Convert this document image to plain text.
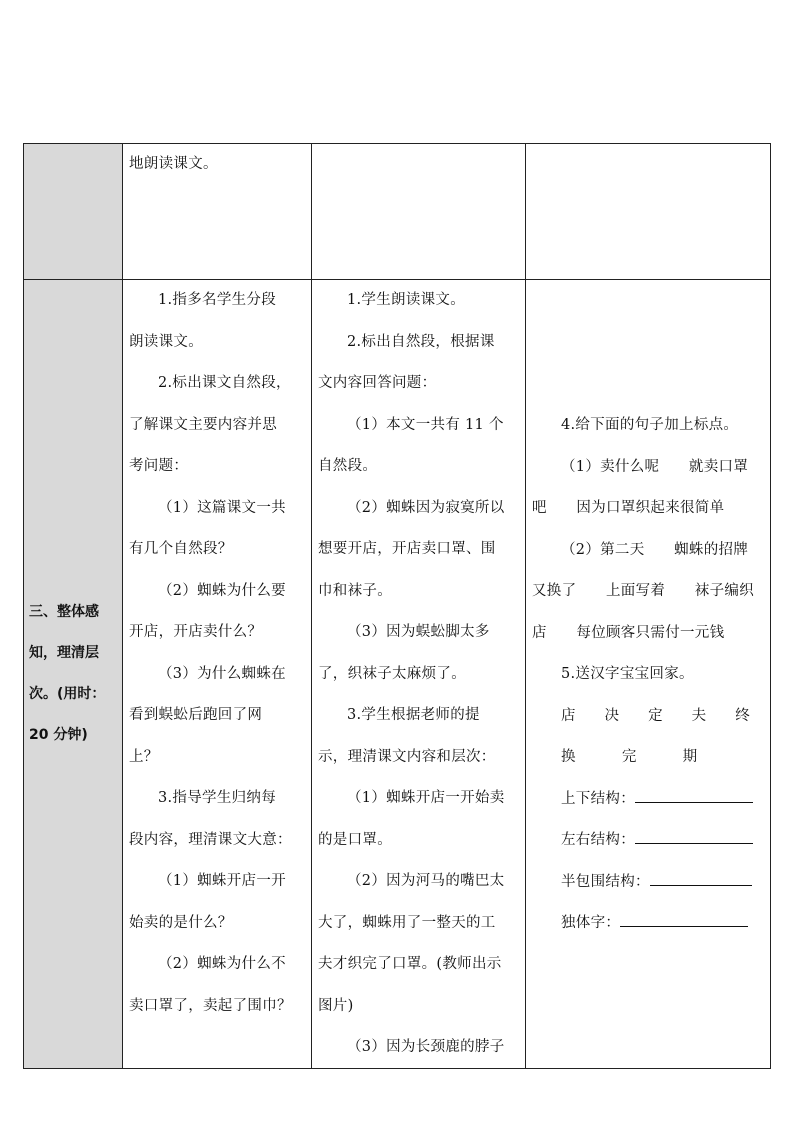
地朗读课文。

三、整体感
知，理清层
次。(用时：
20 分钟)

1.指多名学生分段

朗读课文。

2.标出课文自然段，

了解课文主要内容并思

考问题：

（1）这篇课文一共

有几个自然段？

（2）蜘蛛为什么要

开店，开店卖什么？

（3）为什么蜘蛛在

看到蜈蚣后跑回了网

上？

3.指导学生归纳每

段内容，理清课文大意：

（1）蜘蛛开店一开

始卖的是什么？

（2）蜘蛛为什么不

卖口罩了，卖起了围巾？

1.学生朗读课文。

2.标出自然段，根据课

文内容回答问题：

（1）本文一共有 11 个

自然段。

（2）蜘蛛因为寂寞所以

想要开店，开店卖口罩、围

巾和袜子。

（3）因为蜈蚣脚太多

了，织袜子太麻烦了。

3.学生根据老师的提

示，理清课文内容和层次：

（1）蜘蛛开店一开始卖

的是口罩。

（2）因为河马的嘴巴太

大了，蜘蛛用了一整天的工

夫才织完了口罩。(教师出示

图片)

（3）因为长颈鹿的脖子

4.给下面的句子加上标点。

（1）卖什么呢　　就卖口罩

吧　　因为口罩织起来很简单

（2）第二天　　蜘蛛的招牌

又换了　　上面写着　　袜子编织

店　　每位顾客只需付一元钱

5.送汉字宝宝回家。

店 决 定 夫 终
换	完	期

上下结构：

左右结构：

半包围结构：

独体字：
